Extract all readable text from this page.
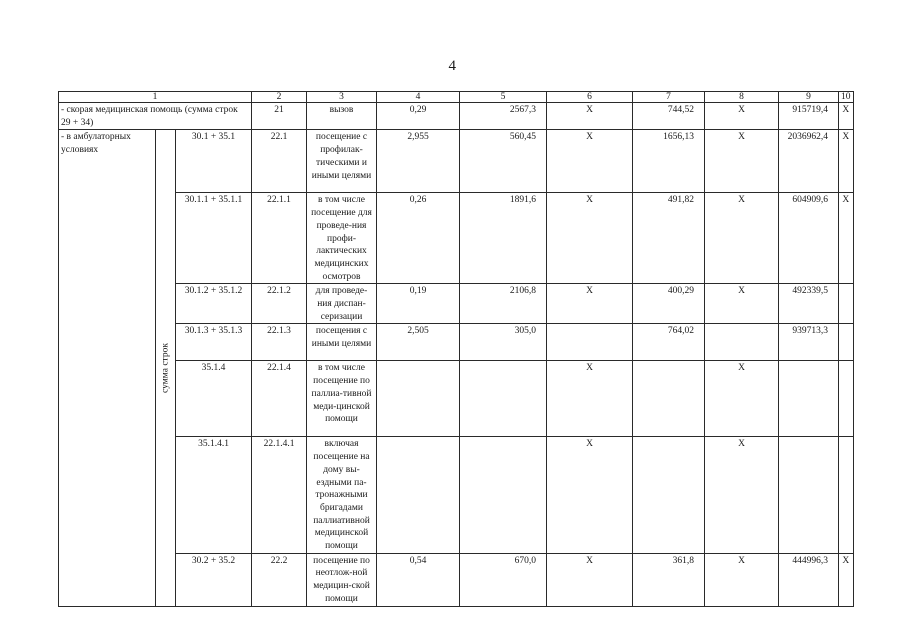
4
1			2	3	4	5	6	7	8	9	10
- скорая медицинская помощь (сумма строк 29 + 34)			21	вызов	0,29	2567,3	X	744,52	X	915719,4	X
- в амбулаторных условиях	сумма строк	30.1 + 35.1	22.1	посещение с профилак-тическими и иными целями	2,955	560,45	X	1656,13	X	2036962,4	X
		30.1.1 + 35.1.1	22.1.1	в том числе посещение для проведе-ния профи-лактических медицинских осмотров	0,26	1891,6	X	491,82	X	604909,6	X
		30.1.2 + 35.1.2	22.1.2	для проведе-ния диспан-серизации	0,19	2106,8	X	400,29	X	492339,5	
		30.1.3 + 35.1.3	22.1.3	посещения с иными целями	2,505	305,0		764,02		939713,3	
		35.1.4	22.1.4	в том числе посещение по паллиа-тивной меди-цинской помощи			X		X		
		35.1.4.1	22.1.4.1	включая посещение на дому вы-ездными па-тронажными бригадами паллиативной медицинской помощи			X		X		
		30.2 + 35.2	22.2	посещение по неотлож-ной медицин-ской помощи	0,54	670,0	X	361,8	X	444996,3	X
